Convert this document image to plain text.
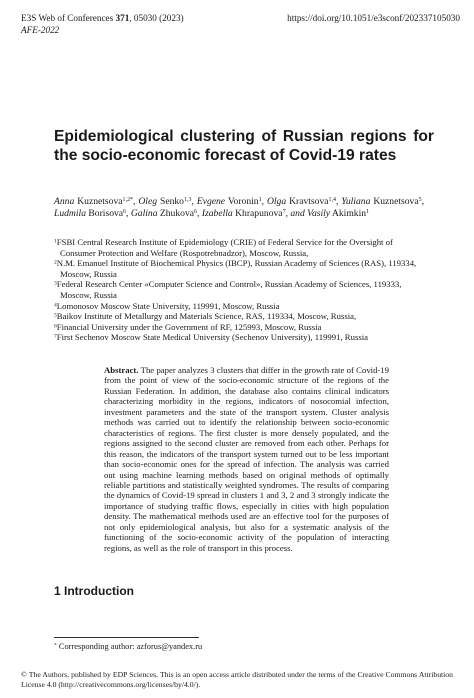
E3S Web of Conferences 371, 05030 (2023)
AFE-2022
https://doi.org/10.1051/e3sconf/202337105030
Epidemiological clustering of Russian regions for the socio-economic forecast of Covid-19 rates
Anna Kuznetsova$^{1,2*}$, Oleg Senko$^{1,3}$, Evgene Voronin$^1$, Olga Kravtsova$^{1,4}$, Yuliana Kuznetsova$^5$, Ludmila Borisova$^6$, Galina Zhukova$^6$, Izabella Khrapunova$^7$, and Vasily Akimkin$^1$
$^1$FSBI Central Research Institute of Epidemiology (CRIE) of Federal Service for the Oversight of Consumer Protection and Welfare (Rospotrebnadzor), Moscow, Russia,
$^2$N.M. Emanuel Institute of Biochemical Physics (IBCP), Russian Academy of Sciences (RAS), 119334, Moscow, Russia
$^3$Federal Research Center «Computer Science and Control», Russian Academy of Sciences, 119333, Moscow, Russia
$^4$Lomonosov Moscow State University, 119991, Moscow, Russia
$^5$Baikov Institute of Metallurgy and Materials Science, RAS, 119334, Moscow, Russia,
$^6$Financial University under the Government of RF, 125993, Moscow, Russia
$^7$First Sechenov Moscow State Medical University (Sechenov University), 119991, Russia
Abstract. The paper analyzes 3 clusters that differ in the growth rate of Covid-19 from the point of view of the socio-economic structure of the regions of the Russian Federation. In addition, the database also contains clinical indicators characterizing morbidity in the regions, indicators of nosocomial infection, investment parameters and the state of the transport system. Cluster analysis methods was carried out to identify the relationship between socio-economic characteristics of regions. The first cluster is more densely populated, and the regions assigned to the second cluster are removed from each other. Perhaps for this reason, the indicators of the transport system turned out to be less important than socio-economic ones for the spread of infection. The analysis was carried out using machine learning methods based on original methods of optimally reliable partitions and statistically weighted syndromes. The results of comparing the dynamics of Covid-19 spread in clusters 1 and 3, 2 and 3 strongly indicate the importance of studying traffic flows, especially in cities with high population density. The mathematical methods used are an effective tool for the purposes of not only epidemiological analysis, but also for a systematic analysis of the functioning of the socio-economic activity of the population of interacting regions, as well as the role of transport in this process.
1 Introduction
* Corresponding author: azforus@yandex.ru
© The Authors, published by EDP Sciences. This is an open access article distributed under the terms of the Creative Commons Attribution License 4.0 (http://creativecommons.org/licenses/by/4.0/).
